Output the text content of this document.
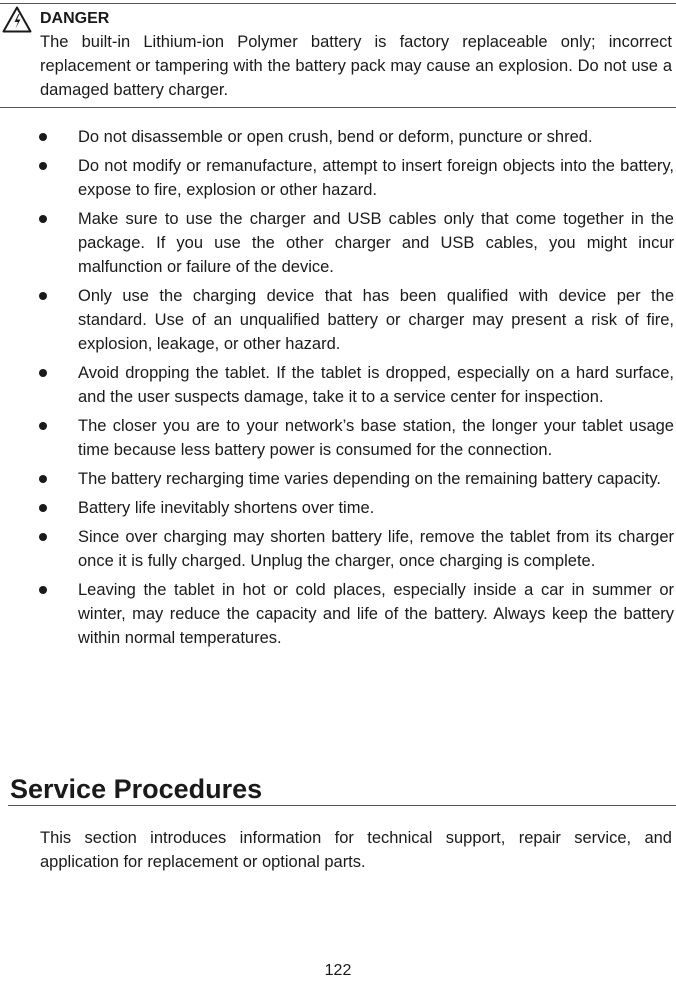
DANGER
The built-in Lithium-ion Polymer battery is factory replaceable only; incorrect replacement or tampering with the battery pack may cause an explosion. Do not use a damaged battery charger.
Do not disassemble or open crush, bend or deform, puncture or shred.
Do not modify or remanufacture, attempt to insert foreign objects into the battery, expose to fire, explosion or other hazard.
Make sure to use the charger and USB cables only that come together in the package. If you use the other charger and USB cables, you might incur malfunction or failure of the device.
Only use the charging device that has been qualified with device per the standard. Use of an unqualified battery or charger may present a risk of fire, explosion, leakage, or other hazard.
Avoid dropping the tablet. If the tablet is dropped, especially on a hard surface, and the user suspects damage, take it to a service center for inspection.
The closer you are to your network’s base station, the longer your tablet usage time because less battery power is consumed for the connection.
The battery recharging time varies depending on the remaining battery capacity.
Battery life inevitably shortens over time.
Since over charging may shorten battery life, remove the tablet from its charger once it is fully charged. Unplug the charger, once charging is complete.
Leaving the tablet in hot or cold places, especially inside a car in summer or winter, may reduce the capacity and life of the battery. Always keep the battery within normal temperatures.
Service Procedures
This section introduces information for technical support, repair service, and application for replacement or optional parts.
122
